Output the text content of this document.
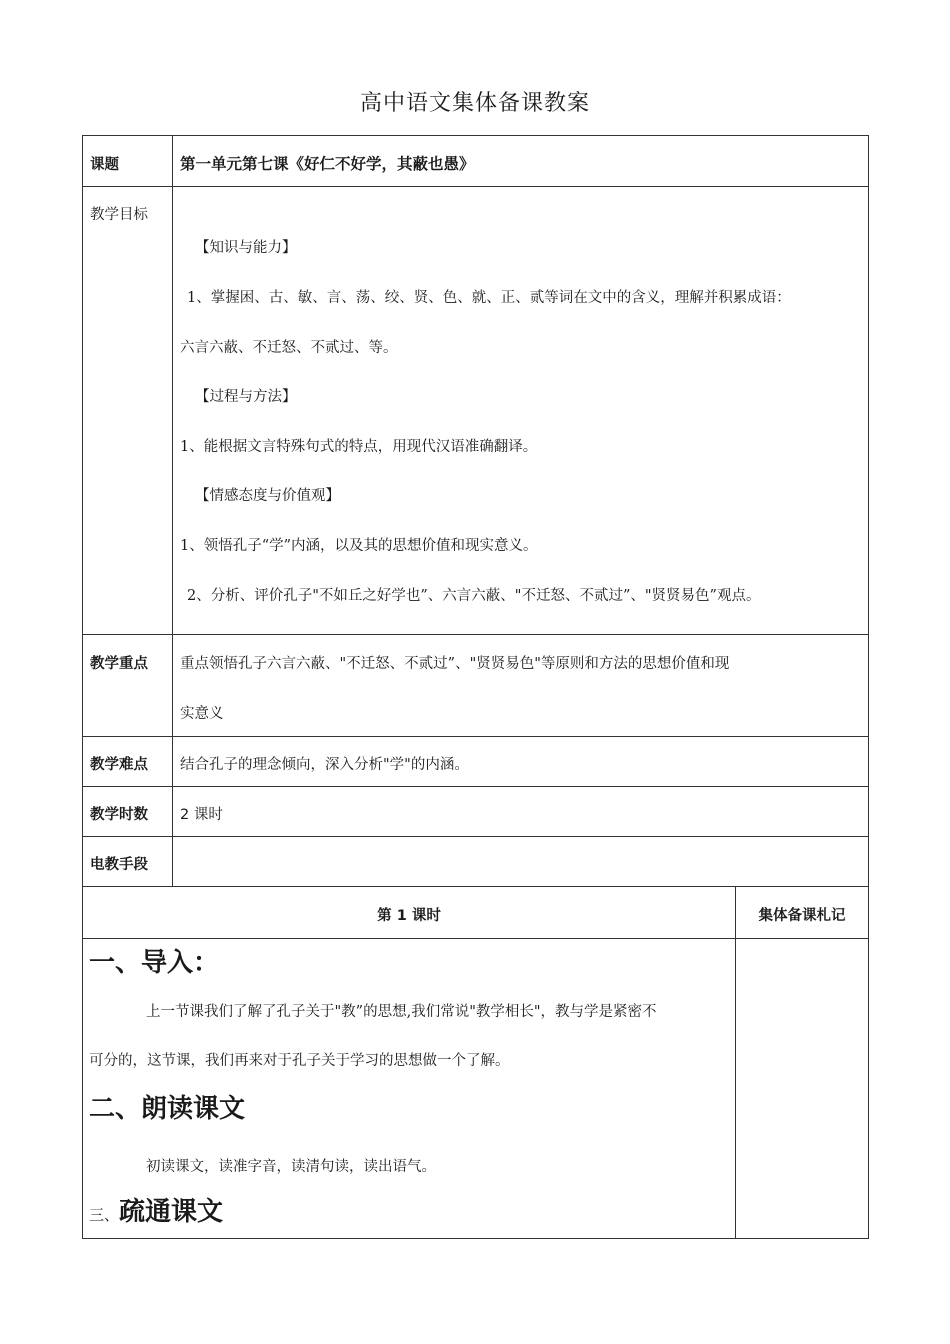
高中语文集体备课教案
课题	第一单元第七课《好仁不好学，其蔽也愚》
教学目标
【知识与能力】
1、掌握困、古、敏、言、荡、绞、贤、色、就、正、贰等词在文中的含义，理解并积累成语：
六言六蔽、不迁怒、不贰过、等。
【过程与方法】
1、能根据文言特殊句式的特点，用现代汉语准确翻译。
【情感态度与价值观】
1、领悟孔子“学”内涵，以及其的思想价值和现实意义。
2、分析、评价孔子"不如丘之好学也”、六言六蔽、"不迁怒、不贰过”、"贤贤易色”观点。
教学重点 重点领悟孔子六言六蔽、"不迁怒、不贰过”、"贤贤易色"等原则和方法的思想价值和现
实意义
教学难点 结合孔子的理念倾向，深入分析"学"的内涵。
教学时数 2 课时
电教手段
第 1 课时	集体备课札记
一、导入：
上一节课我们了解了孔子关于"教”的思想,我们常说"教学相长"，教与学是紧密不
可分的，这节课，我们再来对于孔子关于学习的思想做一个了解。
二、朗读课文
初读课文，读准字音，读清句读，读出语气。
三、疏通课文
